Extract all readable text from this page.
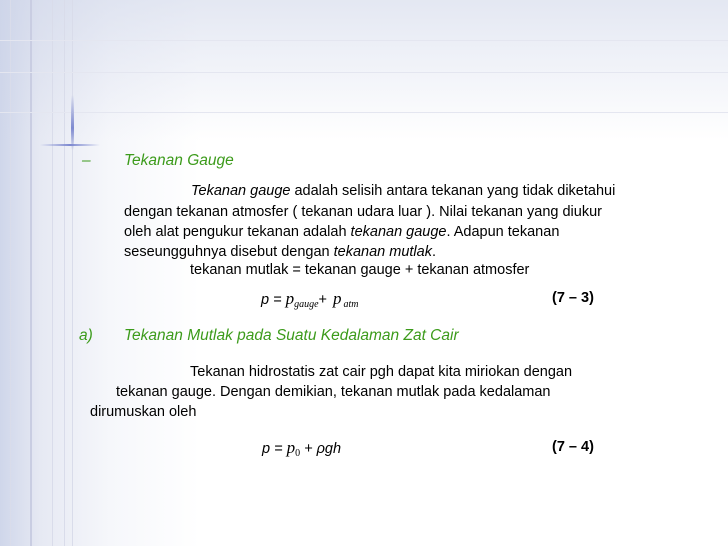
– Tekanan Gauge
Tekanan gauge adalah selisih antara tekanan yang tidak diketahui
dengan tekanan atmosfer ( tekanan udara luar ). Nilai tekanan yang diukur
oleh alat pengukur tekanan adalah tekanan gauge. Adapun tekanan
seseungguhnya disebut dengan tekanan mutlak.
tekanan mutlak = tekanan gauge + tekanan atmosfer
$p = p_{gauge}+ p$ $_{atm}$	(7 – 3)
a) Tekanan Mutlak pada Suatu Kedalaman Zat Cair
Tekanan hidrostatis zat cair pgh dapat kita miriokan dengan
tekanan gauge. Dengan demikian, tekanan mutlak pada kedalaman
dirumuskan oleh
$p = p_0 + \rho gh$	(7 – 4)
